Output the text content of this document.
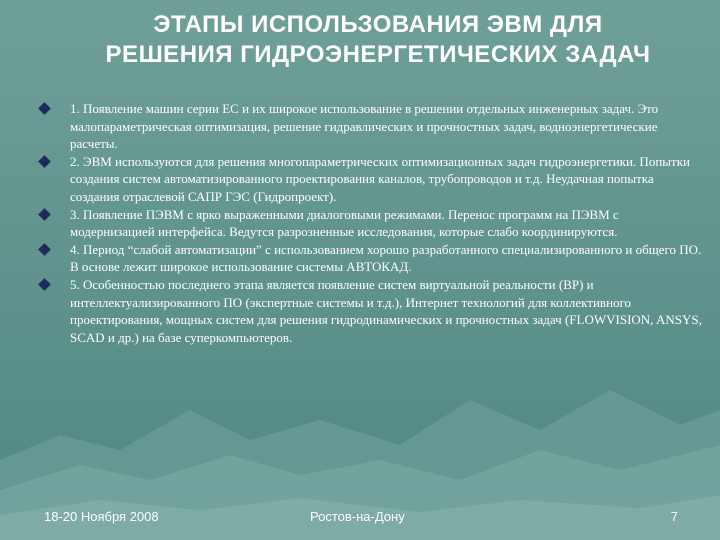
ЭТАПЫ ИСПОЛЬЗОВАНИЯ ЭВМ ДЛЯ
РЕШЕНИЯ ГИДРОЭНЕРГЕТИЧЕСКИХ ЗАДАЧ
1. Появление машин серии ЕС и их широкое использование в решении отдельных инженерных задач. Это малопараметрическая оптимизация, решение гидравлических и прочностных задач, водноэнергетические расчеты.
2. ЭВМ используются для решения многопараметрических оптимизационных задач гидроэнергетики. Попытки создания систем автоматизированного проектирования каналов, трубопроводов и т.д. Неудачная попытка создания отраслевой САПР ГЭС (Гидропроект).
3. Появление ПЭВМ с ярко выраженными диалоговыми режимами. Перенос программ на ПЭВМ с модернизацией интерфейса. Ведутся разрозненные исследования, которые слабо координируются.
4. Период “слабой автоматизации” с использованием хорошо разработанного специализированного и общего ПО. В основе лежит широкое использование системы АВТОКАД.
5. Особенностью последнего этапа является появление систем виртуальной реальности (ВР) и интеллектуализированного ПО (экспертные системы и т.д.), Интернет технологий для коллективного проектирования, мощных систем для решения гидродинамических и прочностных задач (FLOWVISION, ANSYS, SCAD и др.) на базе суперкомпьютеров.
18-20 Ноября 2008	Ростов-на-Дону	7
